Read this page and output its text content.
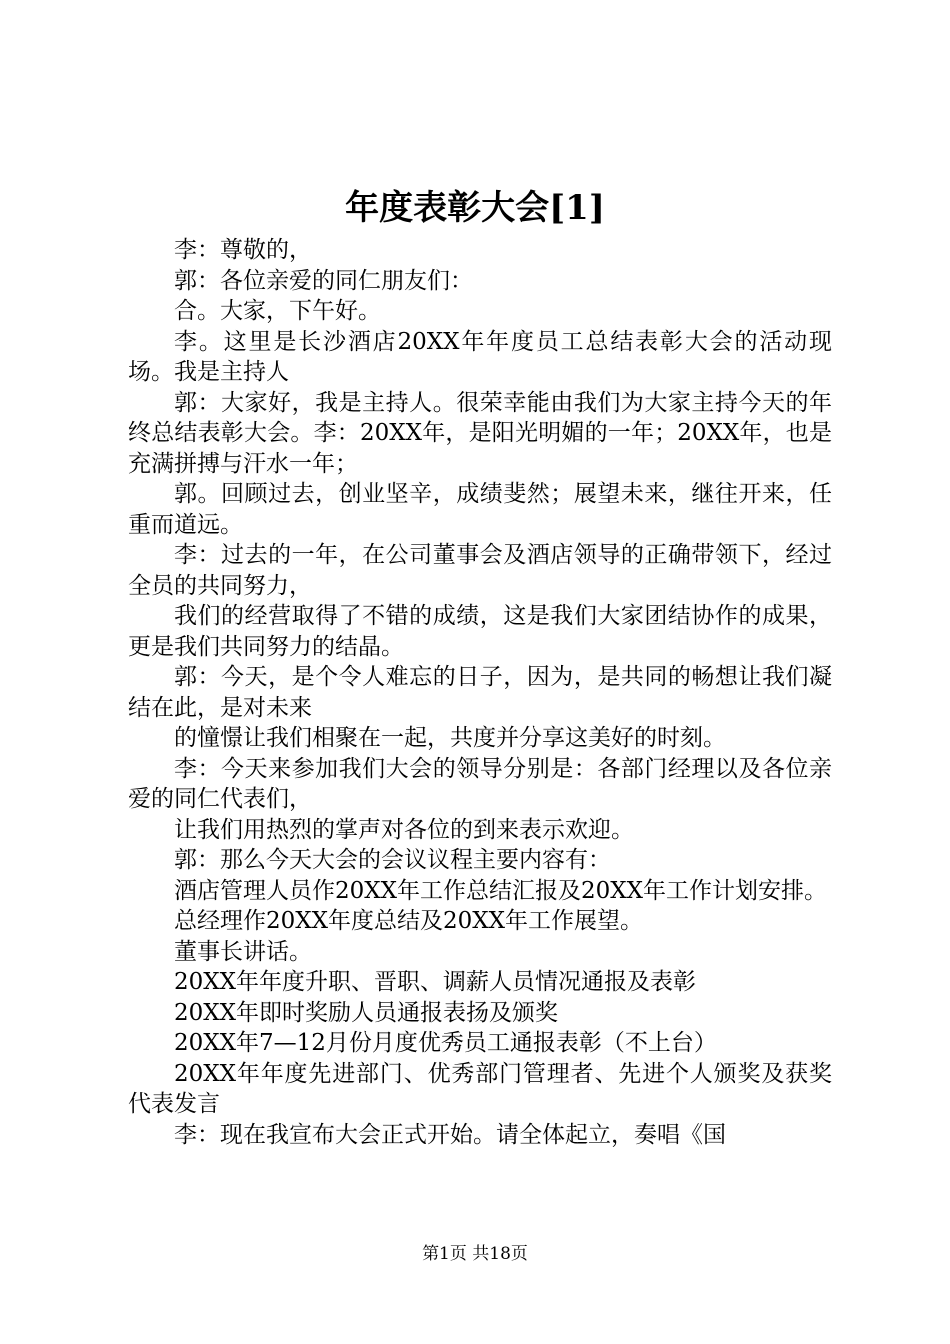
年度表彰大会[1]

李：尊敬的，

郭：各位亲爱的同仁朋友们：

合。大家，下午好。

李。这里是长沙酒店20XX年年度员工总结表彰大会的活动现场。我是主持人

郭：大家好，我是主持人。很荣幸能由我们为大家主持今天的年终总结表彰大会。李：20XX年，是阳光明媚的一年；20XX年，也是充满拼搏与汗水一年；

郭。回顾过去，创业坚辛，成绩斐然；展望未来，继往开来，任重而道远。

李：过去的一年，在公司董事会及酒店领导的正确带领下，经过全员的共同努力，

我们的经营取得了不错的成绩，这是我们大家团结协作的成果，更是我们共同努力的结晶。

郭：今天，是个令人难忘的日子，因为，是共同的畅想让我们凝结在此，是对未来

的憧憬让我们相聚在一起，共度并分享这美好的时刻。

李：今天来参加我们大会的领导分别是：各部门经理以及各位亲爱的同仁代表们，

让我们用热烈的掌声对各位的到来表示欢迎。

郭：那么今天大会的会议议程主要内容有：

酒店管理人员作20XX年工作总结汇报及20XX年工作计划安排。

总经理作20XX年度总结及20XX年工作展望。

董事长讲话。

20XX年年度升职、晋职、调薪人员情况通报及表彰

20XX年即时奖励人员通报表扬及颁奖

20XX年7—12月份月度优秀员工通报表彰（不上台）

20XX年年度先进部门、优秀部门管理者、先进个人颁奖及获奖代表发言

李：现在我宣布大会正式开始。请全体起立，奏唱《国

第1页 共18页
